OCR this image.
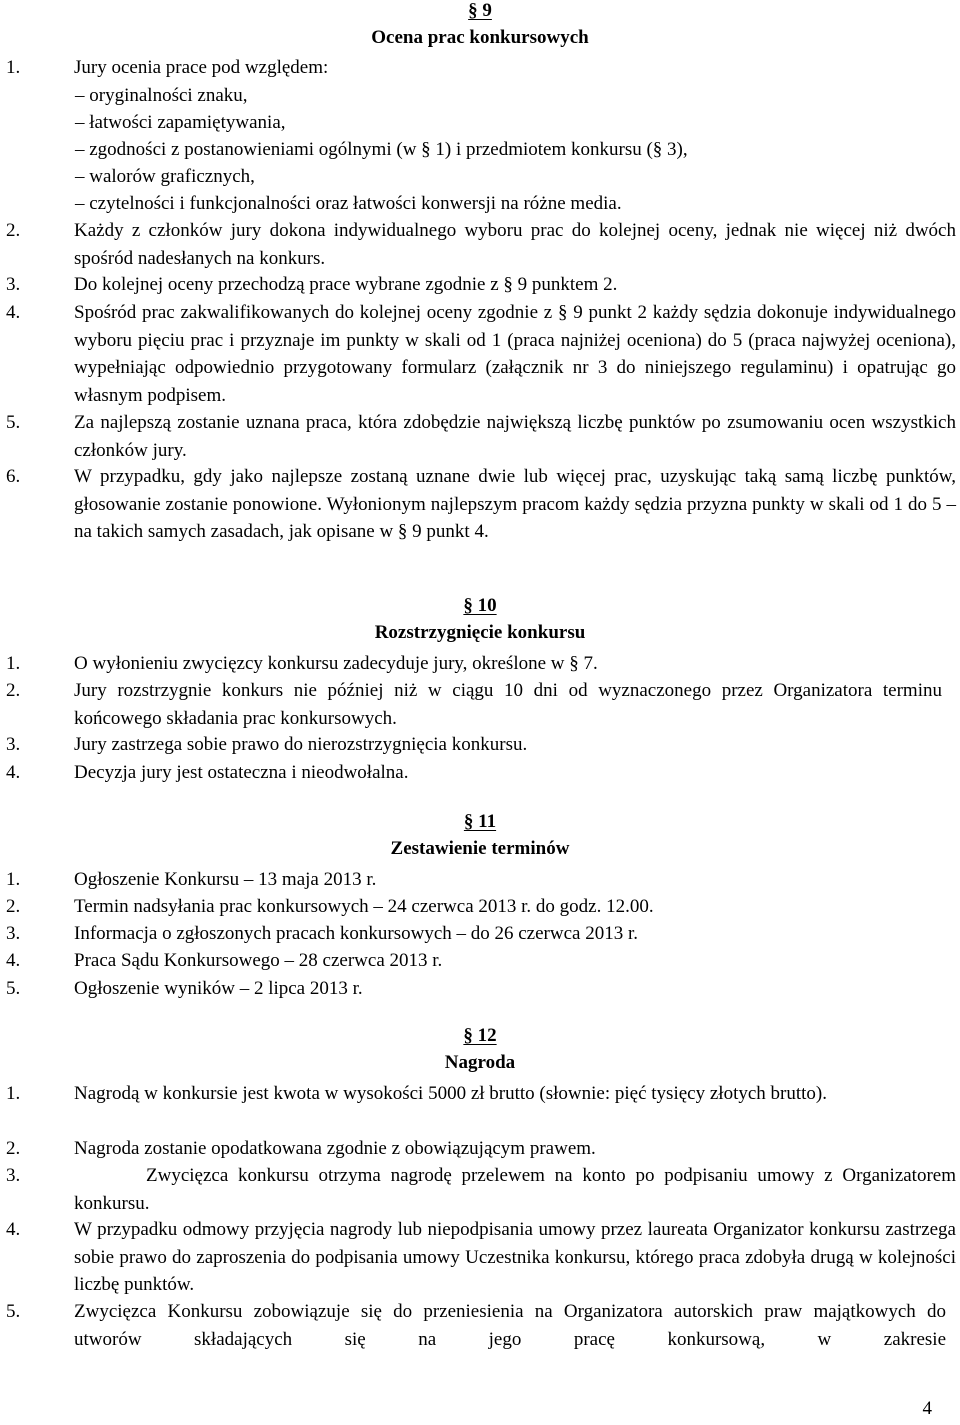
§ 9
Ocena prac konkursowych
1.	Jury ocenia prace pod względem:
– oryginalności znaku,
– łatwości zapamiętywania,
– zgodności z postanowieniami ogólnymi (w § 1) i przedmiotem konkursu (§ 3),
– walorów graficznych,
– czytelności i funkcjonalności oraz łatwości konwersji na różne media.
2.	Każdy z członków jury dokona indywidualnego wyboru prac do kolejnej oceny, jednak nie więcej niż dwóch spośród nadesłanych na konkurs.
3.	Do kolejnej oceny przechodzą prace wybrane zgodnie z § 9 punktem 2.
4.	Spośród prac zakwalifikowanych do kolejnej oceny zgodnie z § 9 punkt 2 każdy sędzia dokonuje indywidualnego wyboru pięciu prac i przyznaje im punkty w skali od 1 (praca najniżej oceniona) do 5 (praca najwyżej oceniona), wypełniając odpowiednio przygotowany formularz (załącznik nr 3 do niniejszego regulaminu) i opatrując go własnym podpisem.
5.	Za najlepszą zostanie uznana praca, która zdobędzie największą liczbę punktów po zsumowaniu ocen wszystkich członków jury.
6.	W przypadku, gdy jako najlepsze zostaną uznane dwie lub więcej prac, uzyskując taką samą liczbę punktów, głosowanie zostanie ponowione. Wyłonionym najlepszym pracom każdy sędzia przyzna punkty w skali od 1 do 5 – na takich samych zasadach, jak opisane w § 9 punkt 4.
§ 10
Rozstrzygnięcie konkursu
1.	O wyłonieniu zwycięzcy konkursu zadecyduje jury, określone w § 7.
2.	Jury rozstrzygnie konkurs nie później niż w ciągu 10 dni od wyznaczonego przez Organizatora terminu końcowego składania prac konkursowych.
3.	Jury zastrzega sobie prawo do nierozstrzygnięcia konkursu.
4.	Decyzja jury jest ostateczna i nieodwołalna.
§ 11
Zestawienie terminów
1.	Ogłoszenie Konkursu – 13 maja 2013 r.
2.	Termin nadsyłania prac konkursowych – 24 czerwca 2013 r. do godz. 12.00.
3.	Informacja o zgłoszonych pracach konkursowych – do 26 czerwca 2013 r.
4.	Praca Sądu Konkursowego – 28 czerwca 2013 r.
5.	Ogłoszenie wyników – 2 lipca 2013 r.
§ 12
Nagroda
1.	Nagrodą w konkursie jest kwota w wysokości 5000 zł brutto (słownie: pięć tysięcy złotych brutto).
2.	Nagroda zostanie opodatkowana zgodnie z obowiązującym prawem.
3.	Zwycięzca konkursu otrzyma nagrodę przelewem na konto po podpisaniu umowy z Organizatorem konkursu.
4.	W przypadku odmowy przyjęcia nagrody lub niepodpisania umowy przez laureata Organizator konkursu zastrzega sobie prawo do zaproszenia do podpisania umowy Uczestnika konkursu, którego praca zdobyła drugą w kolejności liczbę punktów.
5.	Zwycięzca Konkursu zobowiązuje się do przeniesienia na Organizatora autorskich praw majątkowych do utworów składających się na jego pracę konkursową, w zakresie
4
